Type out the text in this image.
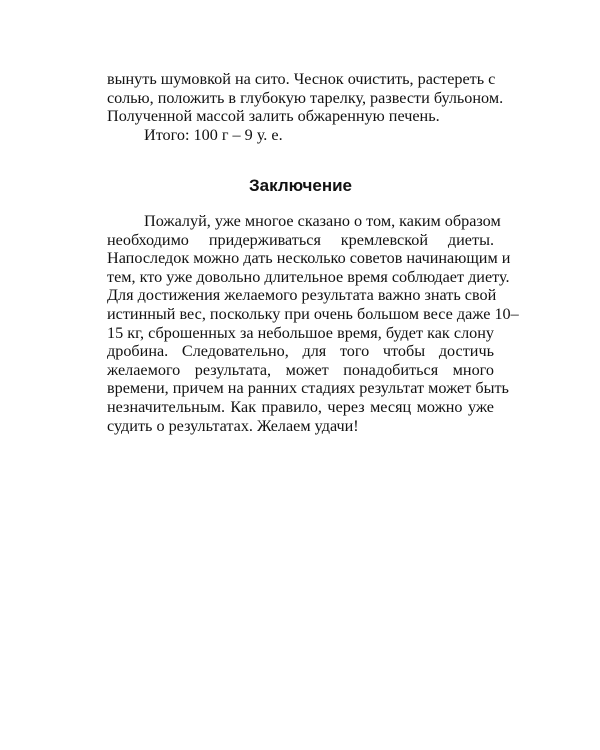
вынуть шумовкой на сито. Чеснок очистить, растереть с
солью, положить в глубокую тарелку, развести бульоном.
Полученной массой залить обжаренную печень.
Итого: 100 г – 9 у. е.
Заключение
Пожалуй, уже многое сказано о том, каким образом
необходимо придерживаться кремлевской диеты.
Напоследок можно дать несколько советов начинающим и
тем, кто уже довольно длительное время соблюдает диету.
Для достижения желаемого результата важно знать свой
истинный вес, поскольку при очень большом весе даже 10–
15 кг, сброшенных за небольшое время, будет как слону
дробина. Следовательно, для того чтобы достичь
желаемого результата, может понадобиться много
времени, причем на ранних стадиях результат может быть
незначительным. Как правило, через месяц можно уже
судить о результатах. Желаем удачи!
